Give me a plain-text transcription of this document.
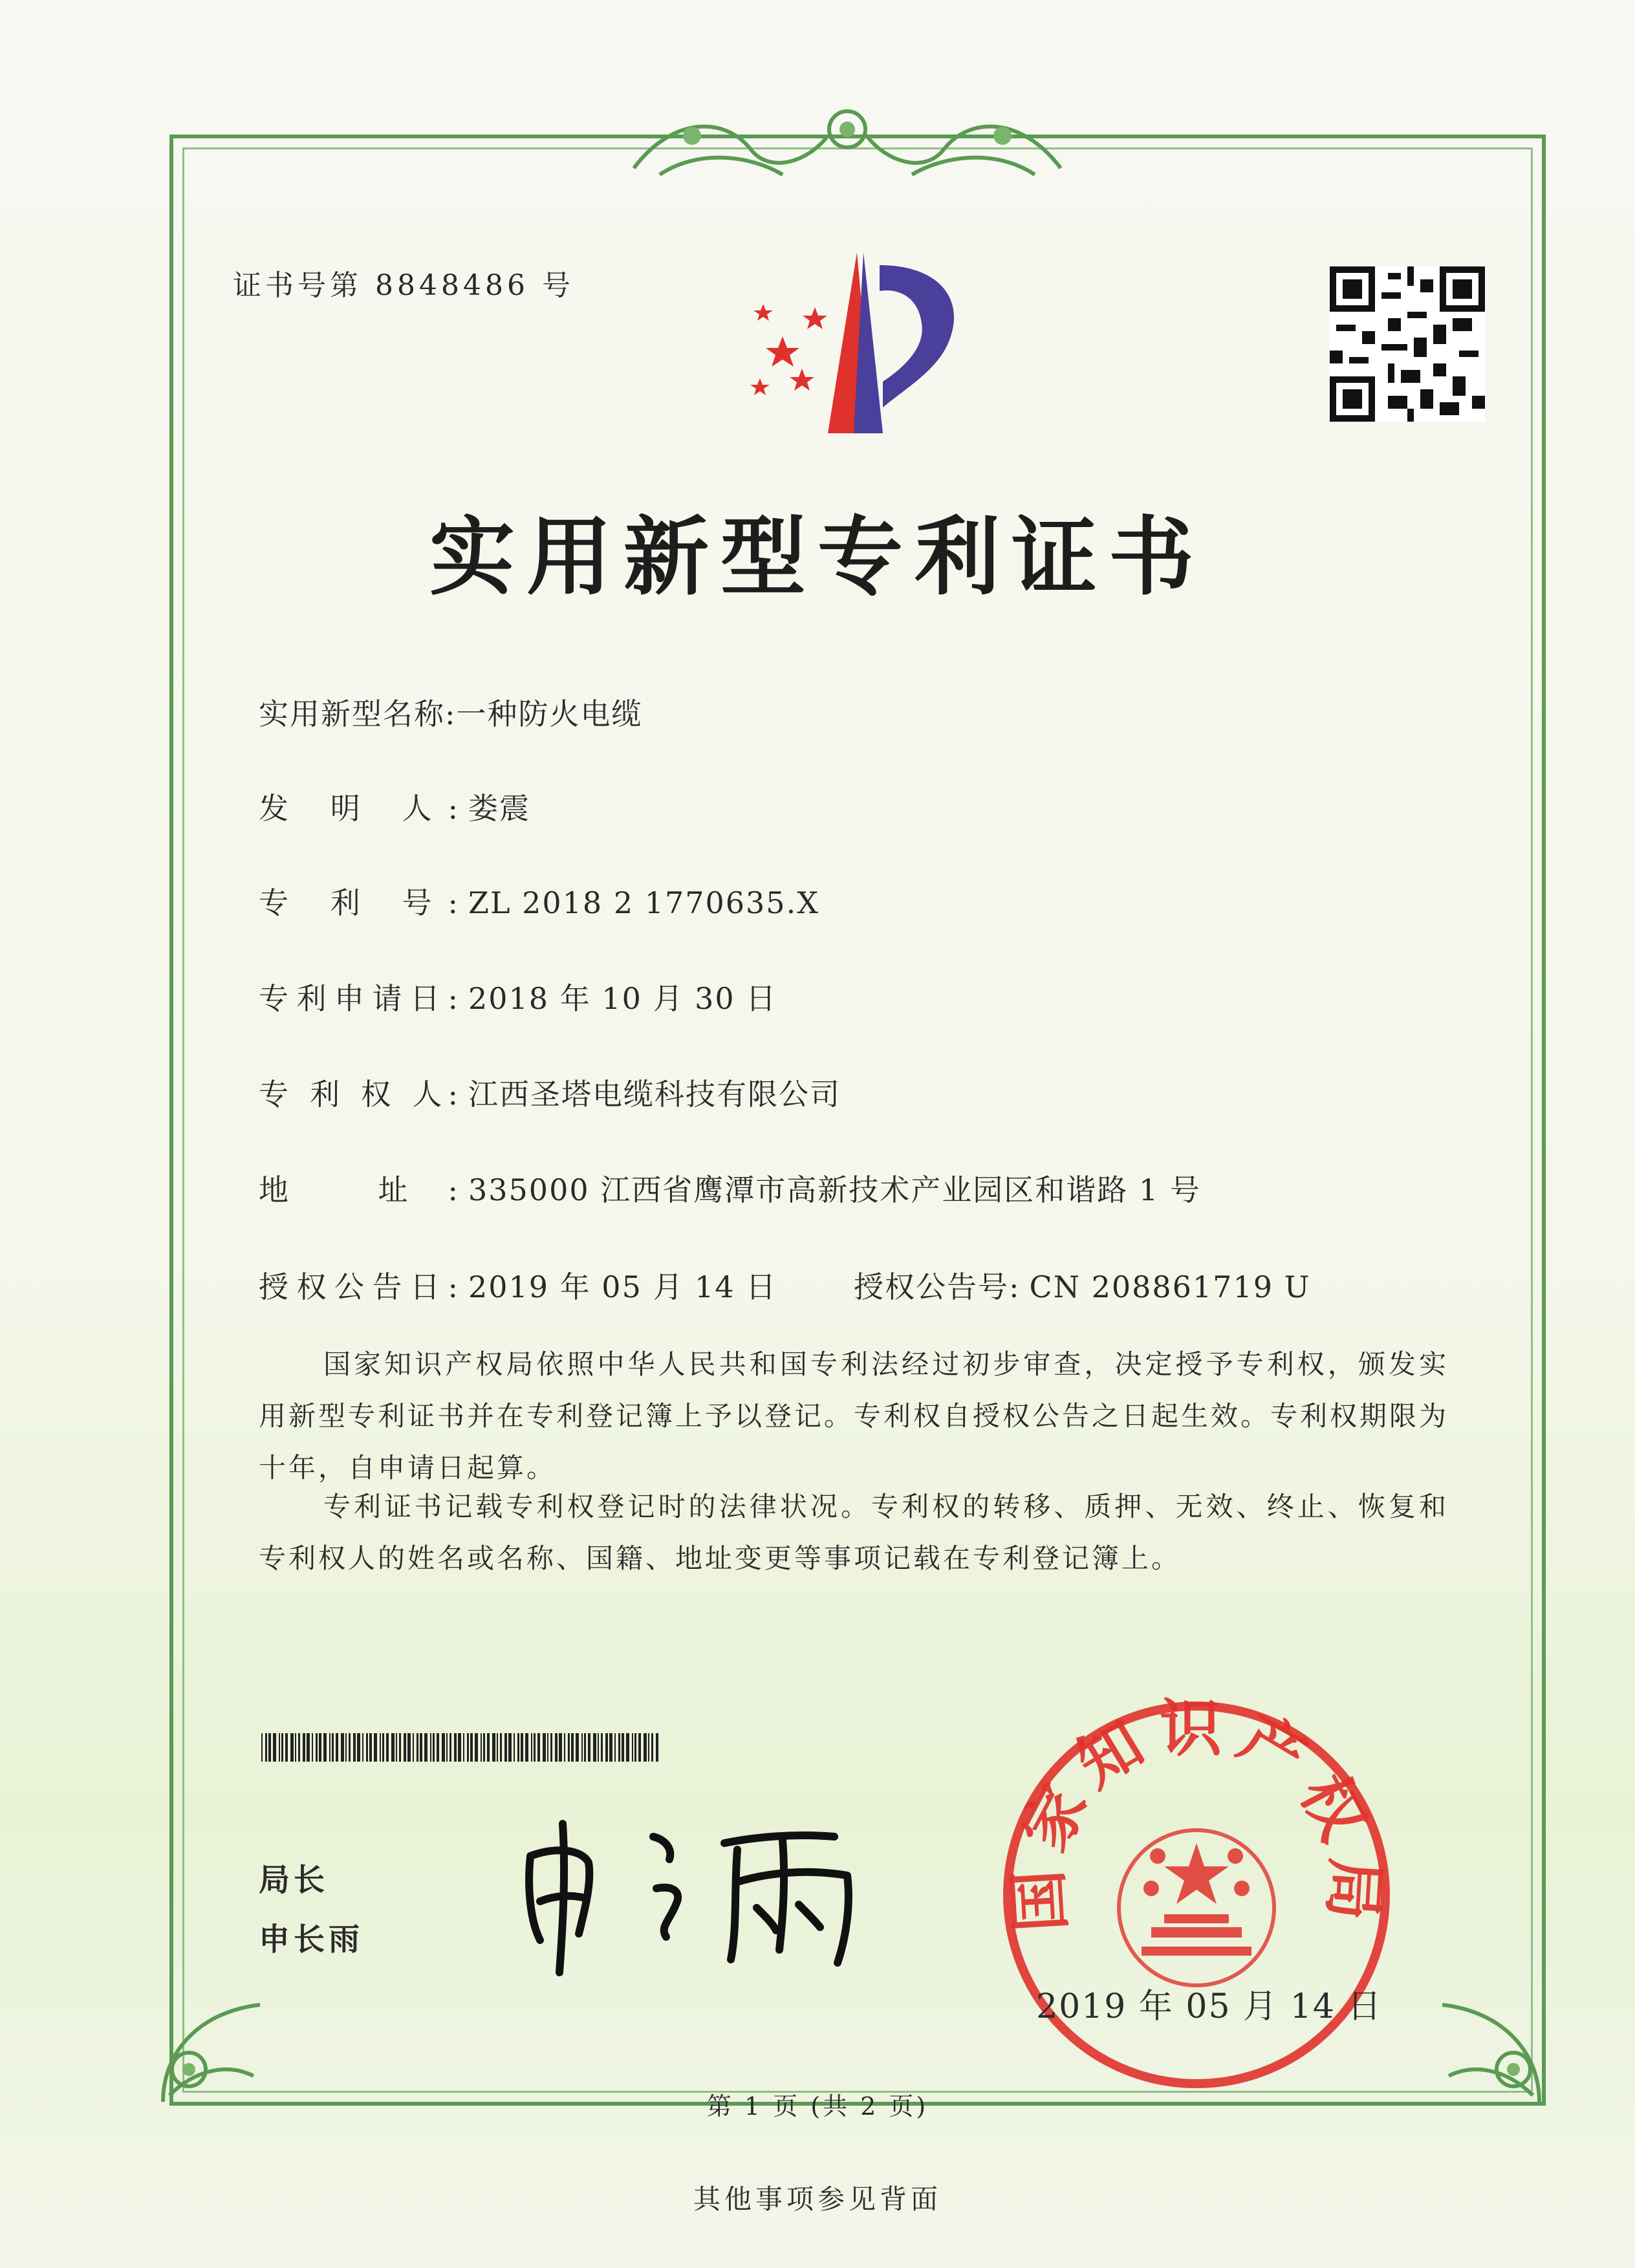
证书号第 8848486 号
实用新型专利证书
实用新型名称:一种防火电缆
发 明 人: 娄震
专 利 号: ZL 2018 2 1770635.X
专利申请日: 2018 年 10 月 30 日
专 利 权 人: 江西圣塔电缆科技有限公司
地 址: 335000 江西省鹰潭市高新技术产业园区和谐路 1 号
授权公告日: 2019 年 05 月 14 日	授权公告号: CN 208861719 U
国家知识产权局依照中华人民共和国专利法经过初步审查，决定授予专利权，颁发实用新型专利证书并在专利登记簿上予以登记。专利权自授权公告之日起生效。专利权期限为十年，自申请日起算。
专利证书记载专利权登记时的法律状况。专利权的转移、质押、无效、终止、恢复和专利权人的姓名或名称、国籍、地址变更等事项记载在专利登记簿上。
局长
申长雨
国家知识产权局
2019 年 05 月 14 日
第 1 页 (共 2 页)
其他事项参见背面
